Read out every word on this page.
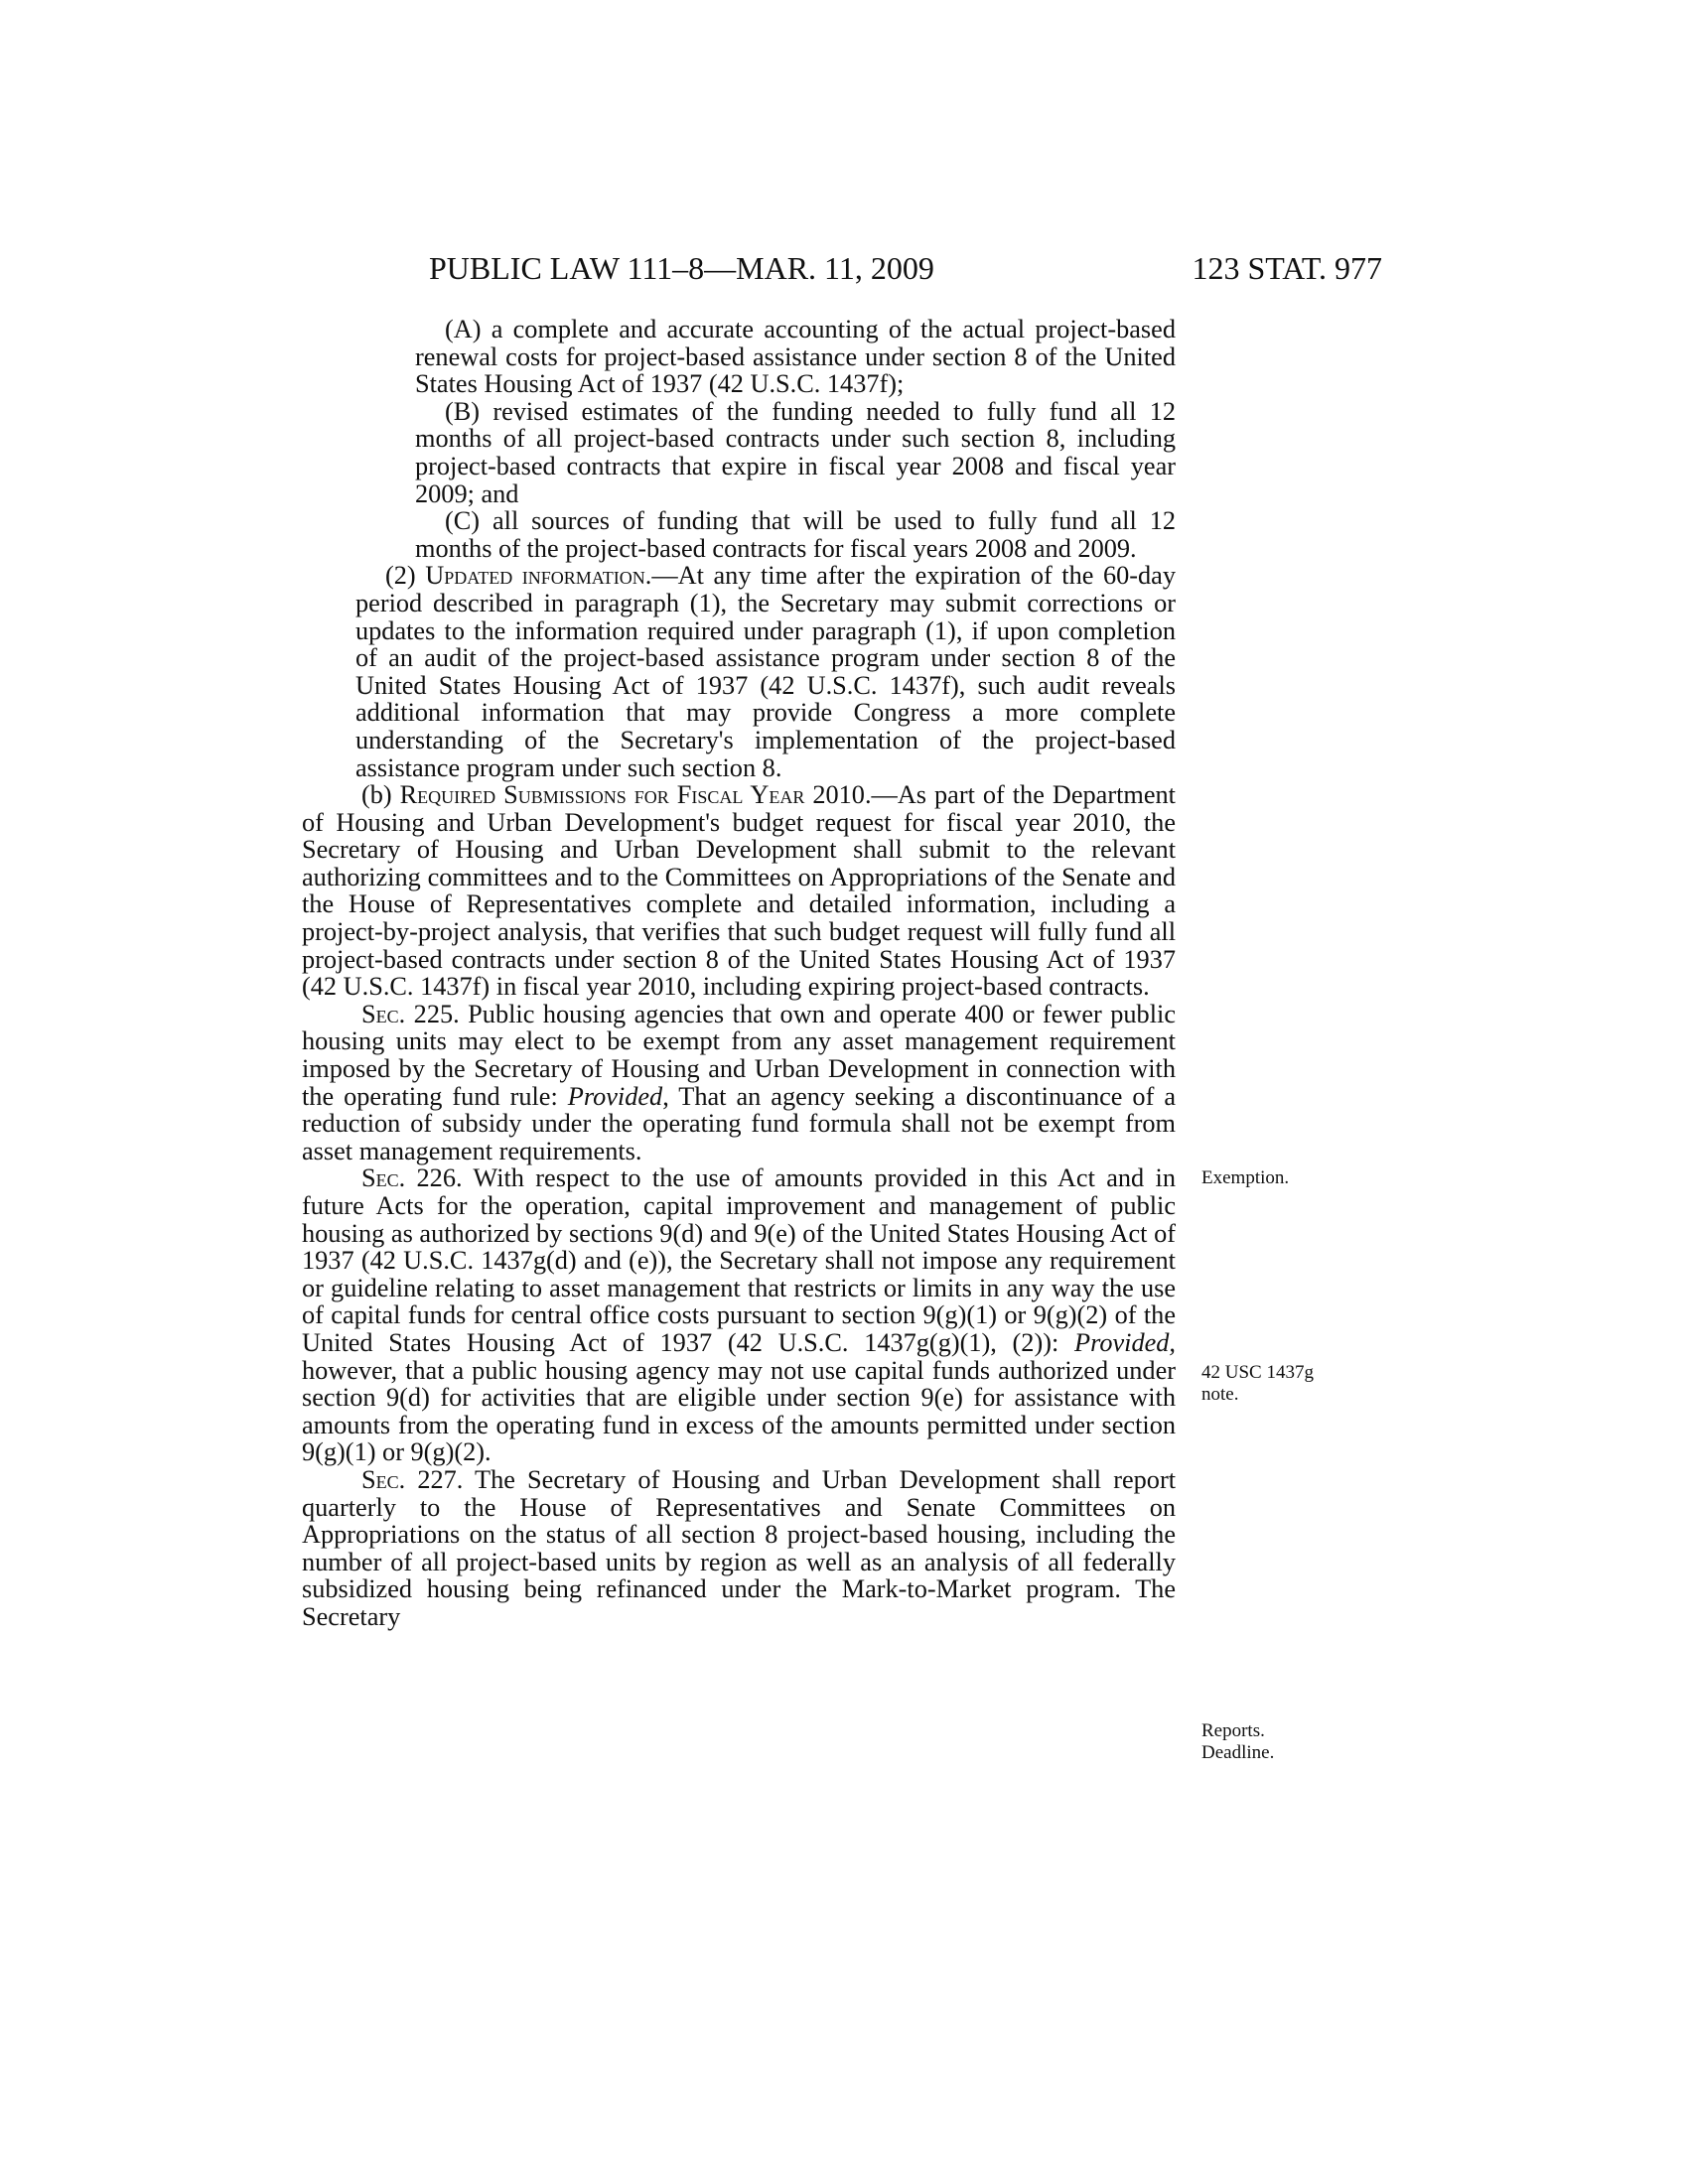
PUBLIC LAW 111–8—MAR. 11, 2009	123 STAT. 977

(A) a complete and accurate accounting of the actual project-based renewal costs for project-based assistance under section 8 of the United States Housing Act of 1937 (42 U.S.C. 1437f);

(B) revised estimates of the funding needed to fully fund all 12 months of all project-based contracts under such section 8, including project-based contracts that expire in fiscal year 2008 and fiscal year 2009; and

(C) all sources of funding that will be used to fully fund all 12 months of the project-based contracts for fiscal years 2008 and 2009.

(2) Updated information.—At any time after the expiration of the 60-day period described in paragraph (1), the Secretary may submit corrections or updates to the information required under paragraph (1), if upon completion of an audit of the project-based assistance program under section 8 of the United States Housing Act of 1937 (42 U.S.C. 1437f), such audit reveals additional information that may provide Congress a more complete understanding of the Secretary's implementation of the project-based assistance program under such section 8.

(b) Required Submissions for Fiscal Year 2010.—As part of the Department of Housing and Urban Development's budget request for fiscal year 2010, the Secretary of Housing and Urban Development shall submit to the relevant authorizing committees and to the Committees on Appropriations of the Senate and the House of Representatives complete and detailed information, including a project-by-project analysis, that verifies that such budget request will fully fund all project-based contracts under section 8 of the United States Housing Act of 1937 (42 U.S.C. 1437f) in fiscal year 2010, including expiring project-based contracts.

Sec. 225. Public housing agencies that own and operate 400 or fewer public housing units may elect to be exempt from any asset management requirement imposed by the Secretary of Housing and Urban Development in connection with the operating fund rule: Provided, That an agency seeking a discontinuance of a reduction of subsidy under the operating fund formula shall not be exempt from asset management requirements.

Sec. 226. With respect to the use of amounts provided in this Act and in future Acts for the operation, capital improvement and management of public housing as authorized by sections 9(d) and 9(e) of the United States Housing Act of 1937 (42 U.S.C. 1437g(d) and (e)), the Secretary shall not impose any requirement or guideline relating to asset management that restricts or limits in any way the use of capital funds for central office costs pursuant to section 9(g)(1) or 9(g)(2) of the United States Housing Act of 1937 (42 U.S.C. 1437g(g)(1), (2)): Provided, however, that a public housing agency may not use capital funds authorized under section 9(d) for activities that are eligible under section 9(e) for assistance with amounts from the operating fund in excess of the amounts permitted under section 9(g)(1) or 9(g)(2).

Sec. 227. The Secretary of Housing and Urban Development shall report quarterly to the House of Representatives and Senate Committees on Appropriations on the status of all section 8 project-based housing, including the number of all project-based units by region as well as an analysis of all federally subsidized housing being refinanced under the Mark-to-Market program. The Secretary

Exemption.
42 USC 1437g
note.
Reports.
Deadline.
